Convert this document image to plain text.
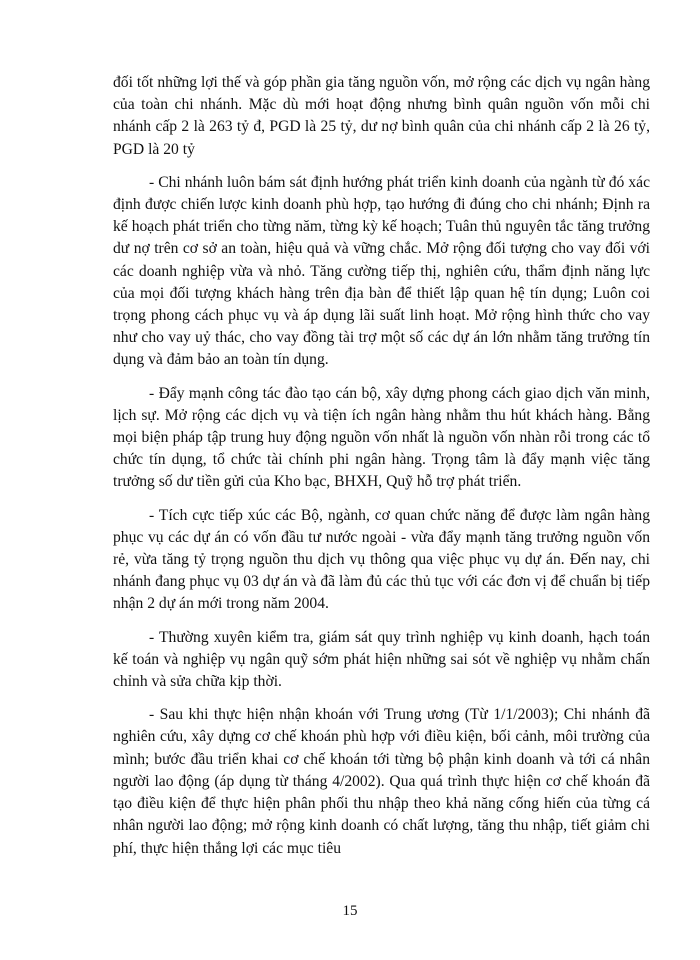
đối tốt những lợi thế và góp phần gia tăng nguồn vốn, mở rộng các dịch vụ ngân hàng của toàn chi nhánh. Mặc dù mới hoạt động nhưng bình quân nguồn vốn mỗi chi nhánh cấp 2 là 263 tỷ đ, PGD là 25 tỷ, dư nợ bình quân của chi nhánh cấp 2 là 26 tỷ, PGD là 20 tỷ

- Chi nhánh luôn bám sát định hướng phát triển kinh doanh của ngành từ đó xác định được chiến lược kinh doanh phù hợp, tạo hướng đi đúng cho chi nhánh; Định ra kế hoạch phát triển cho từng năm, từng kỳ kế hoạch; Tuân thủ nguyên tắc tăng trưởng dư nợ trên cơ sở an toàn, hiệu quả và vững chắc. Mở rộng đối tượng cho vay đối với các doanh nghiệp vừa và nhỏ. Tăng cường tiếp thị, nghiên cứu, thẩm định năng lực của mọi đối tượng khách hàng trên địa bàn để thiết lập quan hệ tín dụng; Luôn coi trọng phong cách phục vụ và áp dụng lãi suất linh hoạt. Mở rộng hình thức cho vay như cho vay uỷ thác, cho vay đồng tài trợ một số các dự án lớn nhằm tăng trưởng tín dụng và đảm bảo an toàn tín dụng.

- Đẩy mạnh công tác đào tạo cán bộ, xây dựng phong cách giao dịch văn minh, lịch sự. Mở rộng các dịch vụ và tiện ích ngân hàng nhằm thu hút khách hàng. Bằng mọi biện pháp tập trung huy động nguồn vốn nhất là nguồn vốn nhàn rỗi trong các tổ chức tín dụng, tổ chức tài chính phi ngân hàng. Trọng tâm là đẩy mạnh việc tăng trưởng số dư tiền gửi của Kho bạc, BHXH, Quỹ hỗ trợ phát triển.

- Tích cực tiếp xúc các Bộ, ngành, cơ quan chức năng để được làm ngân hàng phục vụ các dự án có vốn đầu tư nước ngoài - vừa đẩy mạnh tăng trưởng nguồn vốn rẻ, vừa tăng tỷ trọng nguồn thu dịch vụ thông qua việc phục vụ dự án. Đến nay, chi nhánh đang phục vụ 03 dự án và đã làm đủ các thủ tục với các đơn vị để chuẩn bị tiếp nhận 2 dự án mới trong năm 2004.

- Thường xuyên kiểm tra, giám sát quy trình nghiệp vụ kinh doanh, hạch toán kế toán và nghiệp vụ ngân quỹ sớm phát hiện những sai sót về nghiệp vụ nhằm chấn chỉnh và sửa chữa kịp thời.

- Sau khi thực hiện nhận khoán với Trung ương (Từ 1/1/2003); Chi nhánh đã nghiên cứu, xây dựng cơ chế khoán phù hợp với điều kiện, bối cảnh, môi trường của mình; bước đầu triển khai cơ chế khoán tới từng bộ phận kinh doanh và tới cá nhân người lao động (áp dụng từ tháng 4/2002). Qua quá trình thực hiện cơ chế khoán đã tạo điều kiện để thực hiện phân phối thu nhập theo khả năng cống hiến của từng cá nhân người lao động; mở rộng kinh doanh có chất lượng, tăng thu nhập, tiết giảm chi phí, thực hiện thắng lợi các mục tiêu

15
